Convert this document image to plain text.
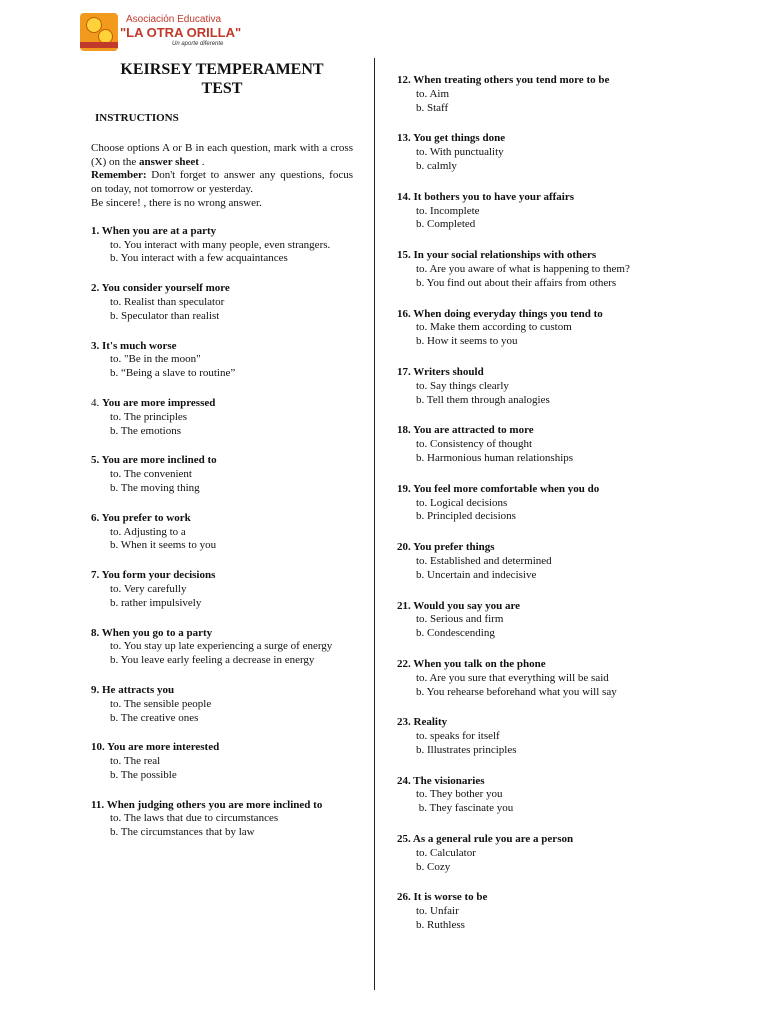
Asociación Educativa
"LA OTRA ORILLA"
Un aporte diferente
KEIRSEY TEMPERAMENT
TEST
INSTRUCTIONS

Choose options A or B in each question, mark with a cross (X) on the answer sheet .

Remember: Don't forget to answer any questions, focus on today, not tomorrow or yesterday.

Be sincere! , there is no wrong answer.

1. When you are at a party
to. You interact with many people, even strangers.
b. You interact with a few acquaintances
2. You consider yourself more
to. Realist than speculator
b. Speculator than realist
3. It's much worse
to. "Be in the moon"
b. “Being a slave to routine”
4. You are more impressed
to. The principles
b. The emotions
5. You are more inclined to
to. The convenient
b. The moving thing
6. You prefer to work
to. Adjusting to a
b. When it seems to you
7. You form your decisions
to. Very carefully
b. rather impulsively
8. When you go to a party
to. You stay up late experiencing a surge of energy
b. You leave early feeling a decrease in energy
9. He attracts you
to. The sensible people
b. The creative ones
10. You are more interested
to. The real
b. The possible
11. When judging others you are more inclined to
to. The laws that due to circumstances
b. The circumstances that by law
12. When treating others you tend more to be
to. Aim
b. Staff
13. You get things done
to. With punctuality
b. calmly
14. It bothers you to have your affairs
to. Incomplete
b. Completed
15. In your social relationships with others
to. Are you aware of what is happening to them?
b. You find out about their affairs from others
16. When doing everyday things you tend to
to. Make them according to custom
b. How it seems to you
17. Writers should
to. Say things clearly
b. Tell them through analogies
18. You are attracted to more
to. Consistency of thought
b. Harmonious human relationships
19. You feel more comfortable when you do
to. Logical decisions
b. Principled decisions
20. You prefer things
to. Established and determined
b. Uncertain and indecisive
21. Would you say you are
to. Serious and firm
b. Condescending
22. When you talk on the phone
to. Are you sure that everything will be said
b. You rehearse beforehand what you will say
23. Reality
to. speaks for itself
b. Illustrates principles
24. The visionaries
to. They bother you
b. They fascinate you
25. As a general rule you are a person
to. Calculator
b. Cozy
26. It is worse to be
to. Unfair
b. Ruthless
